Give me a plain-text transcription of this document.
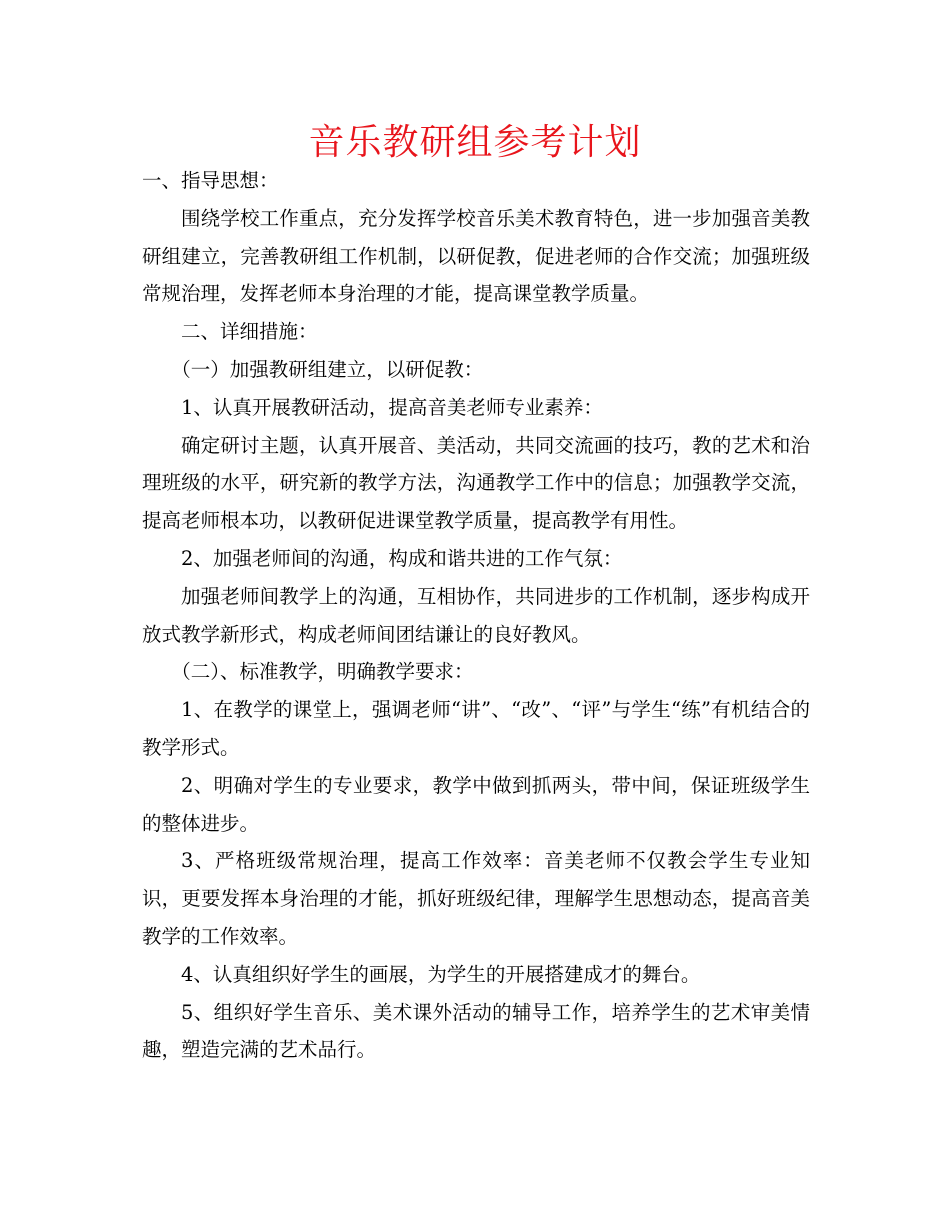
音乐教研组参考计划

一、指导思想：

围绕学校工作重点，充分发挥学校音乐美术教育特色，进一步加强音美教研组建立，完善教研组工作机制，以研促教，促进老师的合作交流；加强班级常规治理，发挥老师本身治理的才能，提高课堂教学质量。

二、详细措施：

（一）加强教研组建立，以研促教：

1、认真开展教研活动，提高音美老师专业素养：

确定研讨主题，认真开展音、美活动，共同交流画的技巧，教的艺术和治理班级的水平，研究新的教学方法，沟通教学工作中的信息；加强教学交流，提高老师根本功，以教研促进课堂教学质量，提高教学有用性。

2、加强老师间的沟通，构成和谐共进的工作气氛：

加强老师间教学上的沟通，互相协作，共同进步的工作机制，逐步构成开放式教学新形式，构成老师间团结谦让的良好教风。

（二）、标准教学，明确教学要求：

1、在教学的课堂上，强调老师“讲”、“改”、“评”与学生“练”有机结合的教学形式。

2、明确对学生的专业要求，教学中做到抓两头，带中间，保证班级学生的整体进步。

3、严格班级常规治理，提高工作效率：音美老师不仅教会学生专业知识，更要发挥本身治理的才能，抓好班级纪律，理解学生思想动态，提高音美教学的工作效率。

4、认真组织好学生的画展，为学生的开展搭建成才的舞台。

5、组织好学生音乐、美术课外活动的辅导工作，培养学生的艺术审美情趣，塑造完满的艺术品行。
